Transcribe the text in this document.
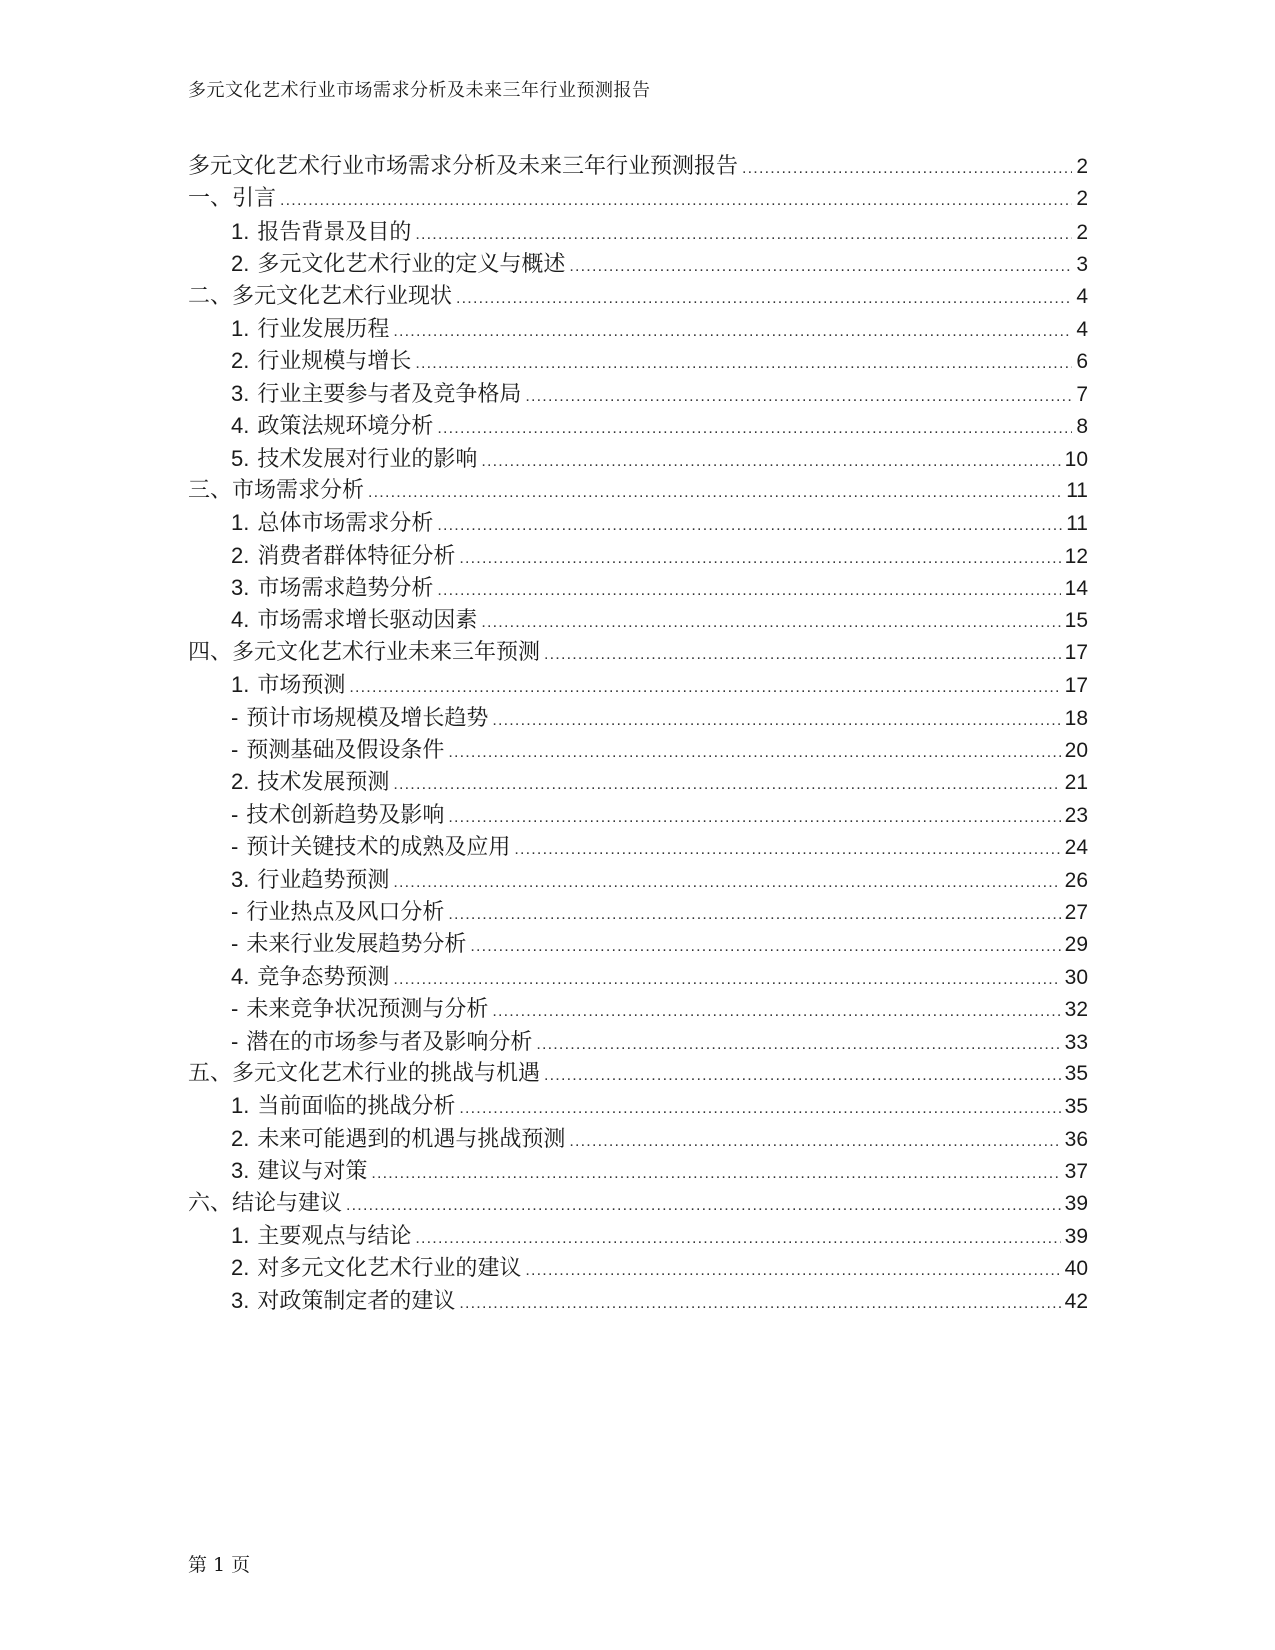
多元文化艺术行业市场需求分析及未来三年行业预测报告
多元文化艺术行业市场需求分析及未来三年行业预测报告 .....	2
一、引言 .....	2
1. 报告背景及目的 .....	2
2. 多元文化艺术行业的定义与概述 .....	3
二、多元文化艺术行业现状 .....	4
1. 行业发展历程 .....	4
2. 行业规模与增长 .....	6
3. 行业主要参与者及竞争格局 .....	7
4. 政策法规环境分析 .....	8
5. 技术发展对行业的影响 .....	10
三、市场需求分析 .....	11
1. 总体市场需求分析 .....	11
2. 消费者群体特征分析 .....	12
3. 市场需求趋势分析 .....	14
4. 市场需求增长驱动因素 .....	15
四、多元文化艺术行业未来三年预测 .....	17
1. 市场预测 .....	17
- 预计市场规模及增长趋势 .....	18
- 预测基础及假设条件 .....	20
2. 技术发展预测 .....	21
- 技术创新趋势及影响 .....	23
- 预计关键技术的成熟及应用 .....	24
3. 行业趋势预测 .....	26
- 行业热点及风口分析 .....	27
- 未来行业发展趋势分析 .....	29
4. 竞争态势预测 .....	30
- 未来竞争状况预测与分析 .....	32
- 潜在的市场参与者及影响分析 .....	33
五、多元文化艺术行业的挑战与机遇 .....	35
1. 当前面临的挑战分析 .....	35
2. 未来可能遇到的机遇与挑战预测 .....	36
3. 建议与对策 .....	37
六、结论与建议 .....	39
1. 主要观点与结论 .....	39
2. 对多元文化艺术行业的建议 .....	40
3. 对政策制定者的建议 .....	42
第 1 页
